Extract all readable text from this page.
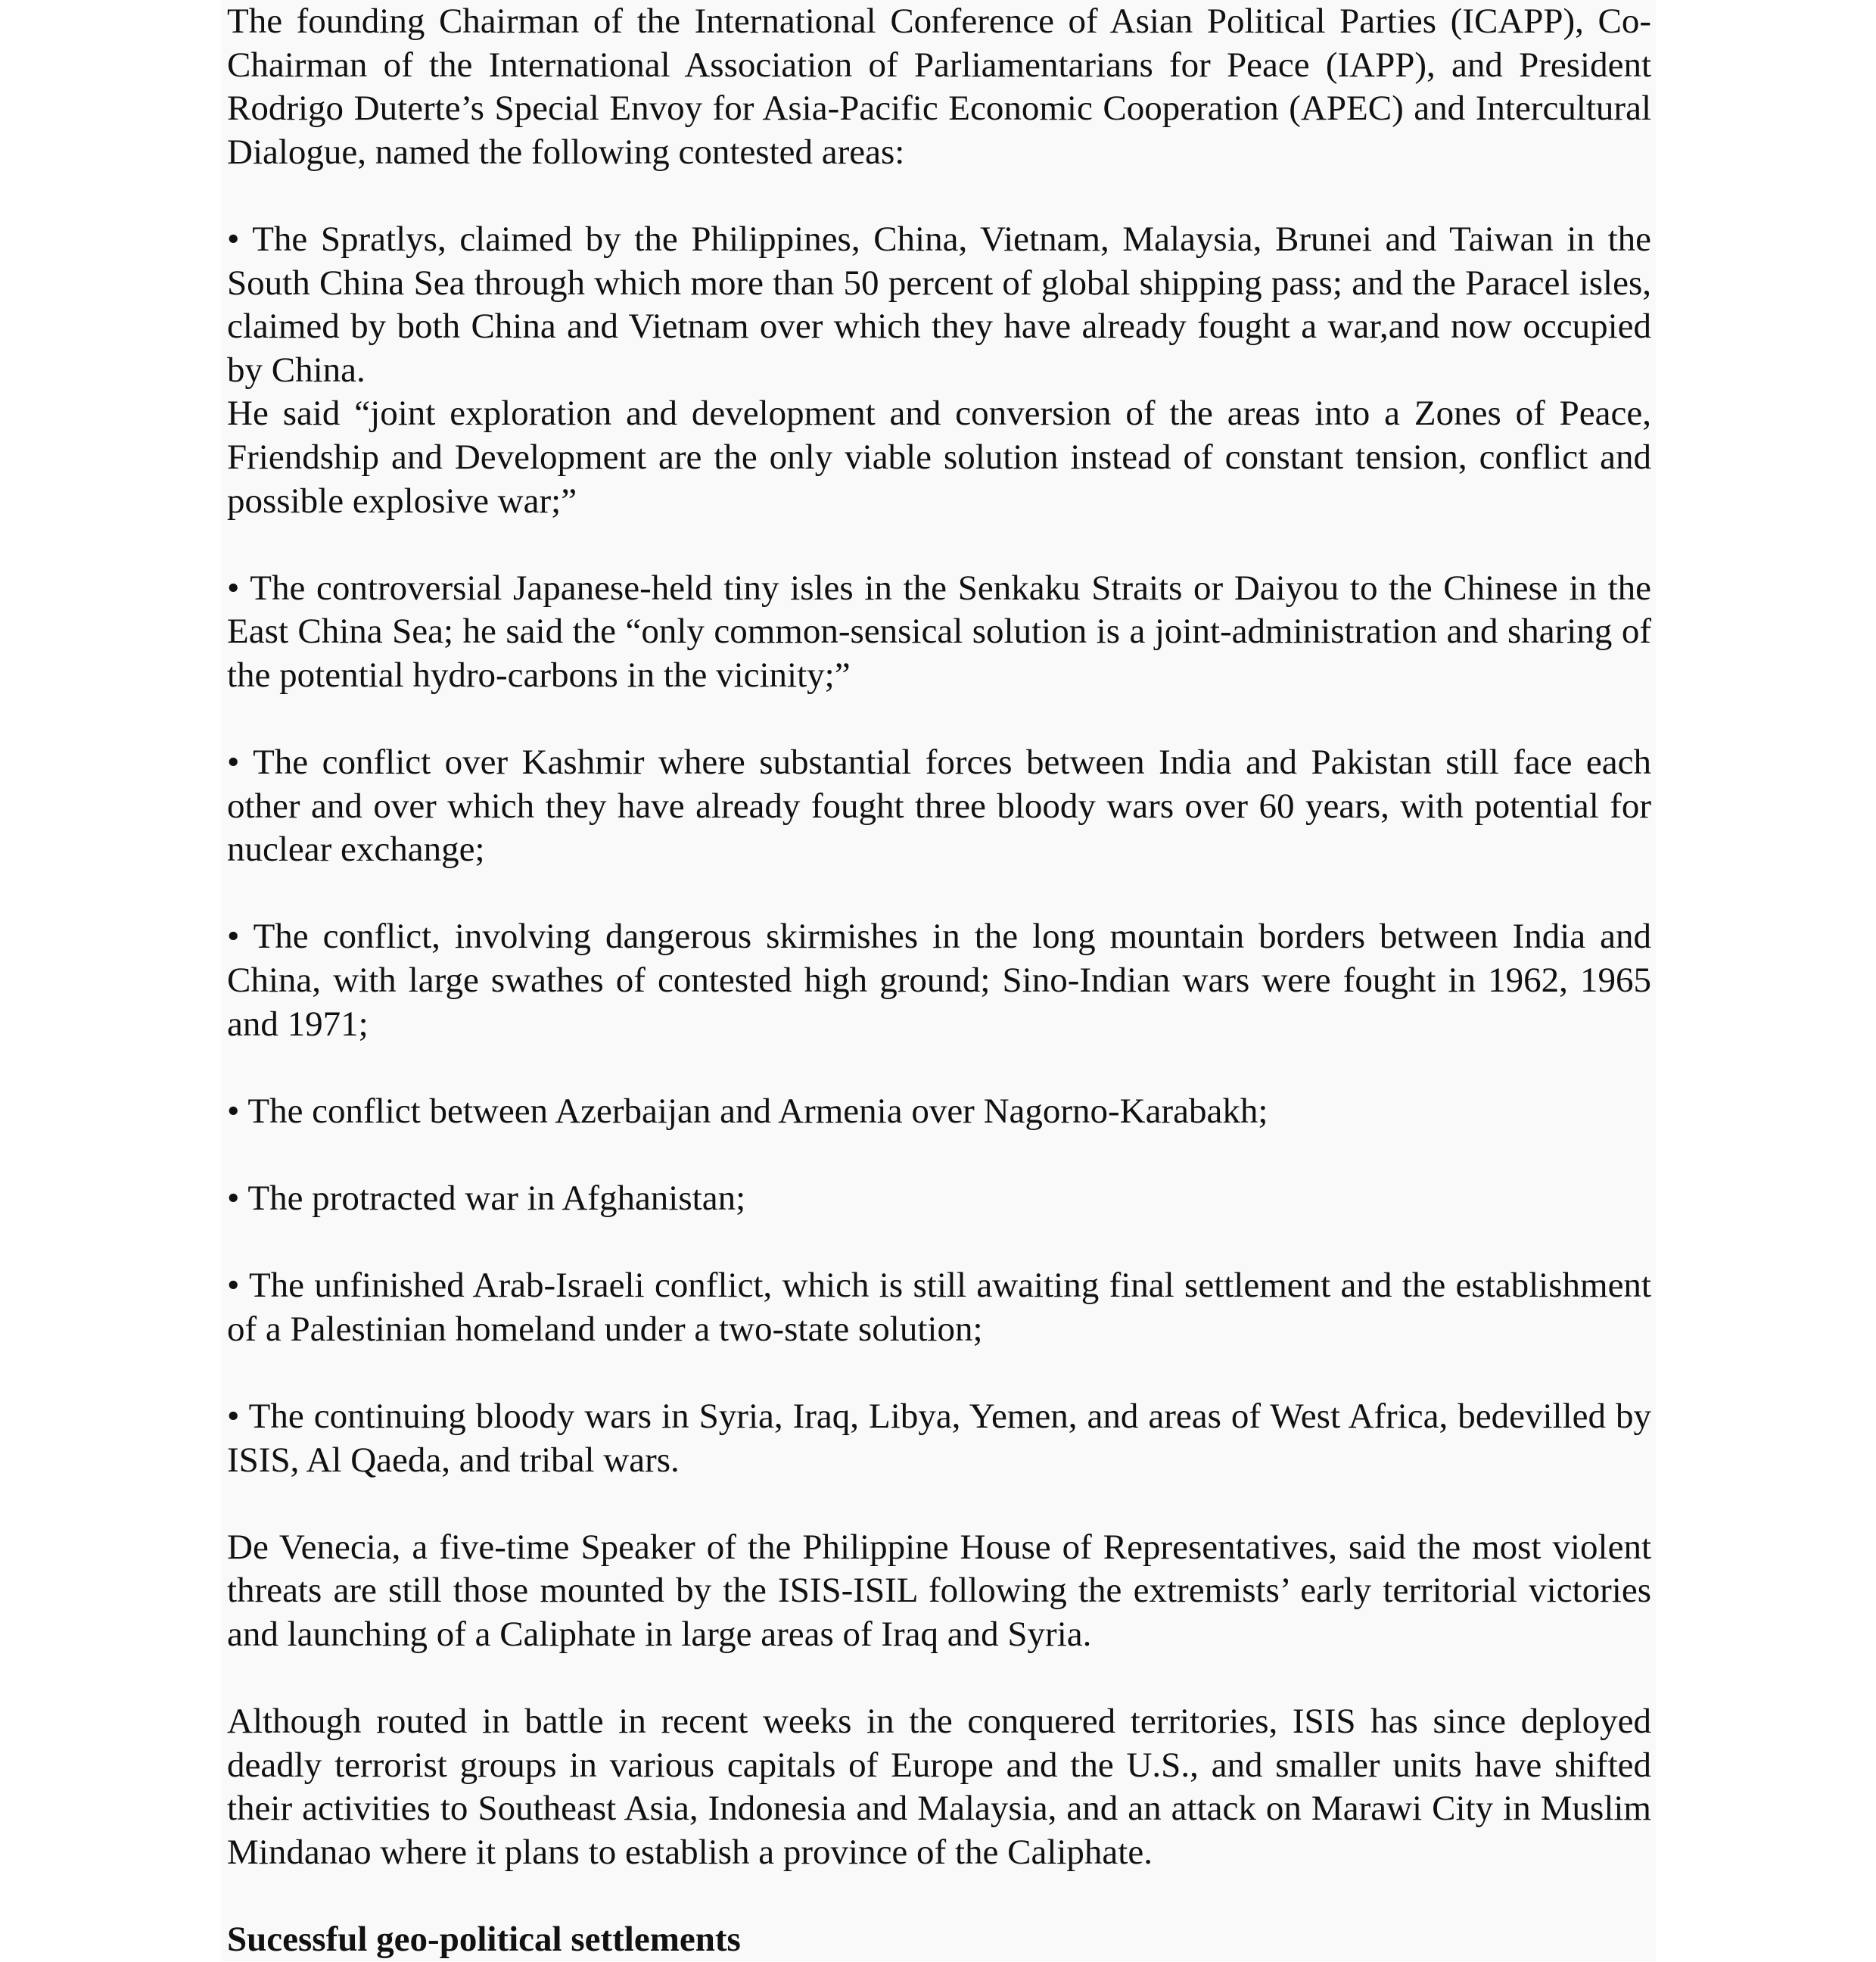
The founding Chairman of the International Conference of Asian Political Parties (ICAPP), Co-Chairman of the International Association of Parliamentarians for Peace (IAPP), and President Rodrigo Duterte’s Special Envoy for Asia-Pacific Economic Cooperation (APEC) and Intercultural Dialogue, named the following contested areas:

• The Spratlys, claimed by the Philippines, China, Vietnam, Malaysia, Brunei and Taiwan in the South China Sea through which more than 50 percent of global shipping pass; and the Paracel isles, claimed by both China and Vietnam over which they have already fought a war,and now occupied by China.

He said “joint exploration and development and conversion of the areas into a Zones of Peace, Friendship and Development are the only viable solution instead of constant tension, conflict and possible explosive war;”

• The controversial Japanese-held tiny isles in the Senkaku Straits or Daiyou to the Chinese in the East China Sea; he said the “only common-sensical solution is a joint-administration and sharing of the potential hydro-carbons in the vicinity;”

• The conflict over Kashmir where substantial forces between India and Pakistan still face each other and over which they have already fought three bloody wars over 60 years, with potential for nuclear exchange;

• The conflict, involving dangerous skirmishes in the long mountain borders between India and China, with large swathes of contested high ground; Sino-Indian wars were fought in 1962, 1965 and 1971;

• The conflict between Azerbaijan and Armenia over Nagorno-Karabakh;

• The protracted war in Afghanistan;

• The unfinished Arab-Israeli conflict, which is still awaiting final settlement and the establishment of a Palestinian homeland under a two-state solution;

• The continuing bloody wars in Syria, Iraq, Libya, Yemen, and areas of West Africa, bedevilled by ISIS, Al Qaeda, and tribal wars.

De Venecia, a five-time Speaker of the Philippine House of Representatives, said the most violent threats are still those mounted by the ISIS-ISIL following the extremists’ early territorial victories and launching of a Caliphate in large areas of Iraq and Syria.

Although routed in battle in recent weeks in the conquered territories, ISIS has since deployed deadly terrorist groups in various capitals of Europe and the U.S., and smaller units have shifted their activities to Southeast Asia, Indonesia and Malaysia, and an attack on Marawi City in Muslim Mindanao where it plans to establish a province of the Caliphate.

Sucessful geo-political settlements
